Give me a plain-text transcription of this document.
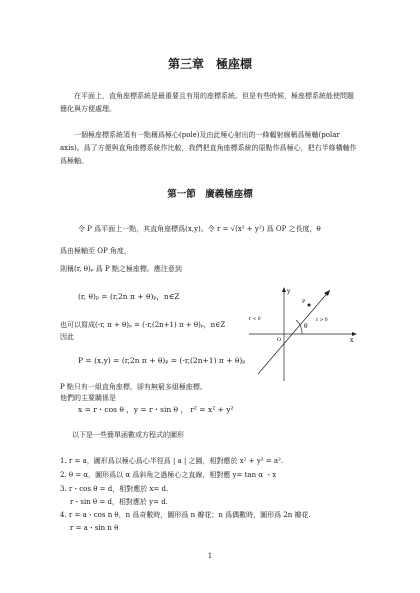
第三章　極座標
在平面上，直角座標系統是最重要且有用的座標系統。但是有些時候，極座標系統能使問題簡化與方便處理。
一個極座標系統須有一點稱爲極心(pole)及由此極心射出的一條輻射線稱爲極軸(polar axis)。爲了方便與直角座標系統作比較，我們把直角座標系統的原點作爲極心，把右半條橫軸作爲極軸。
第一節　廣義極座標
令 P 爲平面上一點，其直角座標爲(x,y)。令 r = √(x² + y²) 爲 OP 之長度，θ
爲由極軸至 OP 角度，
則稱(r, θ)ₚ 爲 P 點之極座標。應注意到
(r, θ)ₚ = (r,2n π + θ)ₚ，n∈Z
也可以寫成(-r, π + θ)ₚ = (-r,(2n+1) π + θ)ₚ，n∈Z
因此
P = (x,y) = (r,2n π + θ)ₚ = (-r,(2n+1) π + θ)ₚ
P 點只有一組直角座標，卻有無窮多組極座標。
他們的主要關係是
x = r・cos θ ，y = r・sin θ ， r² = x² + y²
以下是一些簡單函數或方程式的圖形
1. r = a，圖形爲以極心爲心半徑爲 | a | 之圓，相對應於 x² + y² = a².
2. θ = α，圖形爲以 α 爲斜角之過極心之直線，相對應 y= tan α ・x
3. r・cos θ = d，相對應於 x= d.
r・sin θ = d，相對應於 y= d.
4. r = a・cos n θ，n 爲奇數時，圖形爲 n 瓣花；n 爲偶數時，圖形爲 2n 瓣花.
r = a・sin n θ
y
x
θ
r > 0
r < 0
O
P
1
